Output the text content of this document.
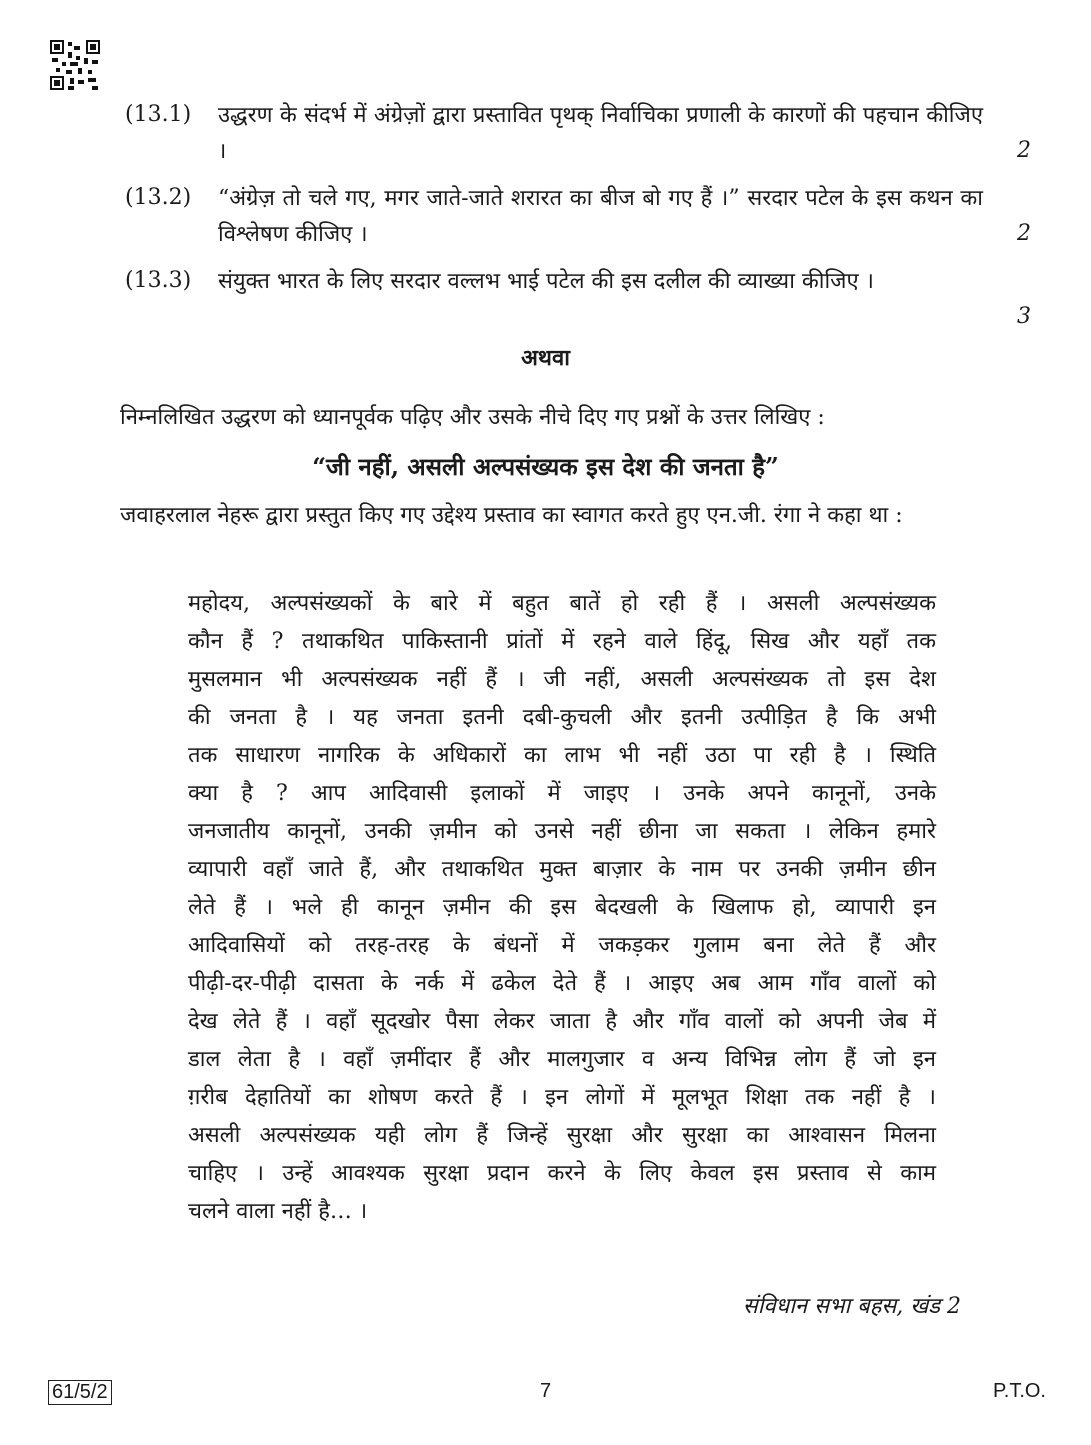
(13.1) उद्धरण के संदर्भ में अंग्रेज़ों द्वारा प्रस्तावित पृथक् निर्वाचिका प्रणाली के कारणों की पहचान कीजिए ।	2
(13.2) “अंग्रेज़ तो चले गए, मगर जाते-जाते शरारत का बीज बो गए हैं ।” सरदार पटेल के इस कथन का विश्लेषण कीजिए ।	2
(13.3) संयुक्त भारत के लिए सरदार वल्लभ भाई पटेल की इस दलील की व्याख्या कीजिए ।
3
अथवा
निम्नलिखित उद्धरण को ध्यानपूर्वक पढ़िए और उसके नीचे दिए गए प्रश्नों के उत्तर लिखिए :
“जी नहीं, असली अल्पसंख्यक इस देश की जनता है”
जवाहरलाल नेहरू द्वारा प्रस्तुत किए गए उद्देश्य प्रस्ताव का स्वागत करते हुए एन.जी. रंगा ने कहा था :
महोदय, अल्पसंख्यकों के बारे में बहुत बातें हो रही हैं । असली अल्पसंख्यक
कौन हैं ? तथाकथित पाकिस्तानी प्रांतों में रहने वाले हिंदू, सिख और यहाँ तक
मुसलमान भी अल्पसंख्यक नहीं हैं । जी नहीं, असली अल्पसंख्यक तो इस देश
की जनता है । यह जनता इतनी दबी-कुचली और इतनी उत्पीड़ित है कि अभी
तक साधारण नागरिक के अधिकारों का लाभ भी नहीं उठा पा रही है । स्थिति
क्या है ? आप आदिवासी इलाकों में जाइए । उनके अपने कानूनों, उनके
जनजातीय कानूनों, उनकी ज़मीन को उनसे नहीं छीना जा सकता । लेकिन हमारे
व्यापारी वहाँ जाते हैं, और तथाकथित मुक्त बाज़ार के नाम पर उनकी ज़मीन छीन
लेते हैं । भले ही कानून ज़मीन की इस बेदखली के खिलाफ हो, व्यापारी इन
आदिवासियों को तरह-तरह के बंधनों में जकड़कर गुलाम बना लेते हैं और
पीढ़ी-दर-पीढ़ी दासता के नर्क में ढकेल देते हैं । आइए अब आम गाँव वालों को
देख लेते हैं । वहाँ सूदखोर पैसा लेकर जाता है और गाँव वालों को अपनी जेब में
डाल लेता है । वहाँ ज़मींदार हैं और मालगुजार व अन्य विभिन्न लोग हैं जो इन
ग़रीब देहातियों का शोषण करते हैं । इन लोगों में मूलभूत शिक्षा तक नहीं है ।
असली अल्पसंख्यक यही लोग हैं जिन्हें सुरक्षा और सुरक्षा का आश्वासन मिलना
चाहिए । उन्हें आवश्यक सुरक्षा प्रदान करने के लिए केवल इस प्रस्ताव से काम
चलने वाला नहीं है… ।
संविधान सभा बहस, खंड 2
61/5/2	7	P.T.O.
